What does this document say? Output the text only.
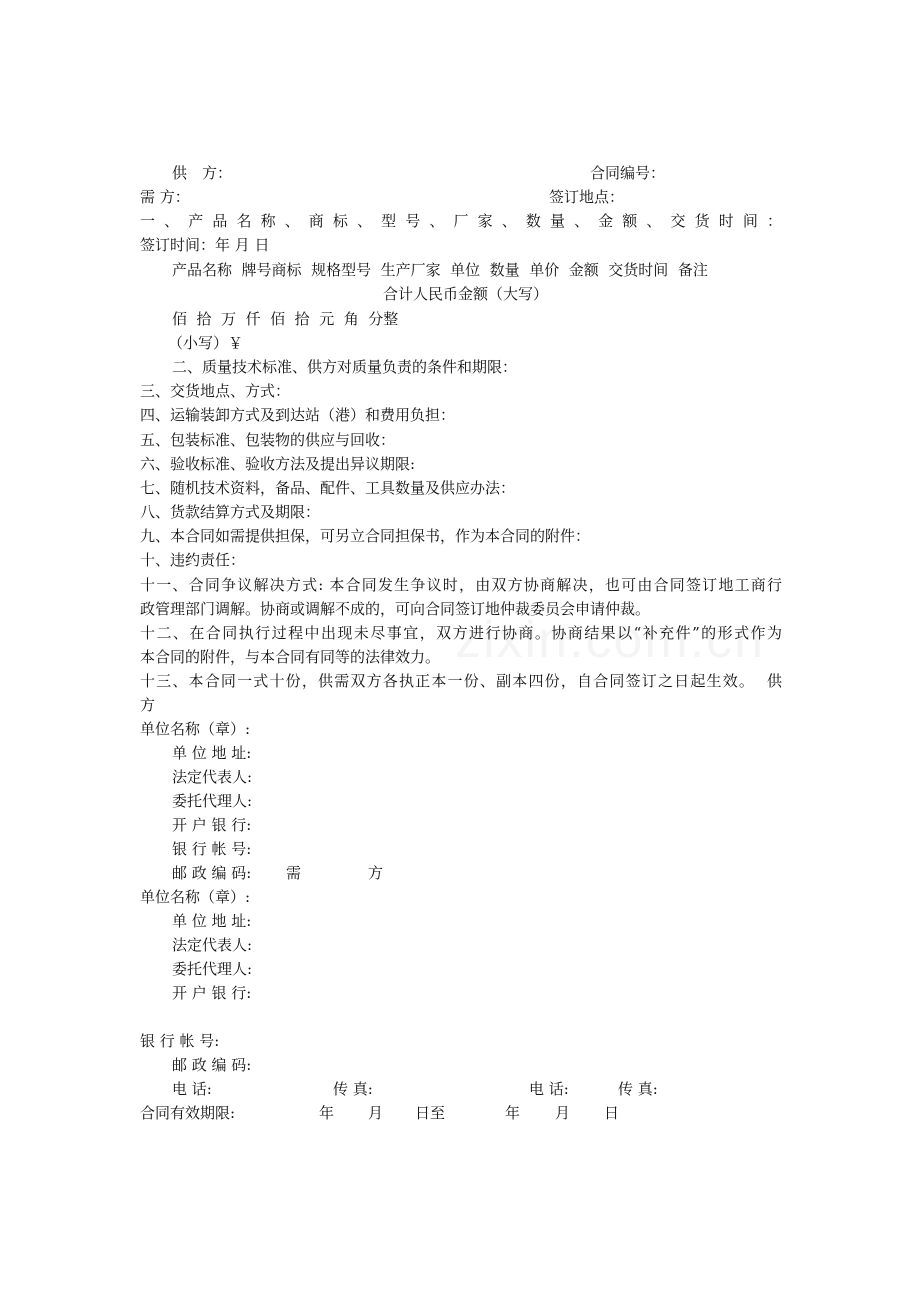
供　方：	合同编号：
需 方：	签订地点：
一 、 产 品 名 称 、 商 标 、 型 号 、 厂 家 、 数 量 、 金 额 、 交 货 时 间 ：
签订时间：年 月 日
产品名称  牌号商标  规格型号  生产厂家  单位  数量  单价  金额  交货时间  备注
合计人民币金额（大写）
佰  拾  万  仟  佰  拾  元  角  分整
（小写）￥
二、质量技术标准、供方对质量负责的条件和期限：
三、交货地点、方式：
四、运输装卸方式及到达站（港）和费用负担：
五、包装标准、包装物的供应与回收：
六、验收标准、验收方法及提出异议期限:
七、随机技术资料，备品、配件、工具数量及供应办法：
八、货款结算方式及期限：
九、本合同如需提供担保，可另立合同担保书，作为本合同的附件：
十、违约责任：
十一、合同争议解决方式: 本合同发生争议时，由双方协商解决，也可由合同签订地工商行
政管理部门调解。协商或调解不成的，可向合同签订地仲裁委员会申请仲裁。
十二、在合同执行过程中出现未尽事宜，双方进行协商。协商结果以“补充件”的形式作为
本合同的附件，与本合同有同等的法律效力。
十三、本合同一式十份，供需双方各执正本一份、副本四份，自合同签订之日起生效。  供
方
单位名称（章）:
单 位 地 址:
法定代表人:
委托代理人:
开 户 银 行:
银 行 帐 号:
邮 政 编 码: 需	方
单位名称（章）:
单 位 地 址:
法定代表人:
委托代理人:
开 户 银 行:
银 行 帐 号:
邮 政 编 码:
电 话:	传 真:	电 话:	传 真:
合同有效期限:	年 月 日至	年 月 日
